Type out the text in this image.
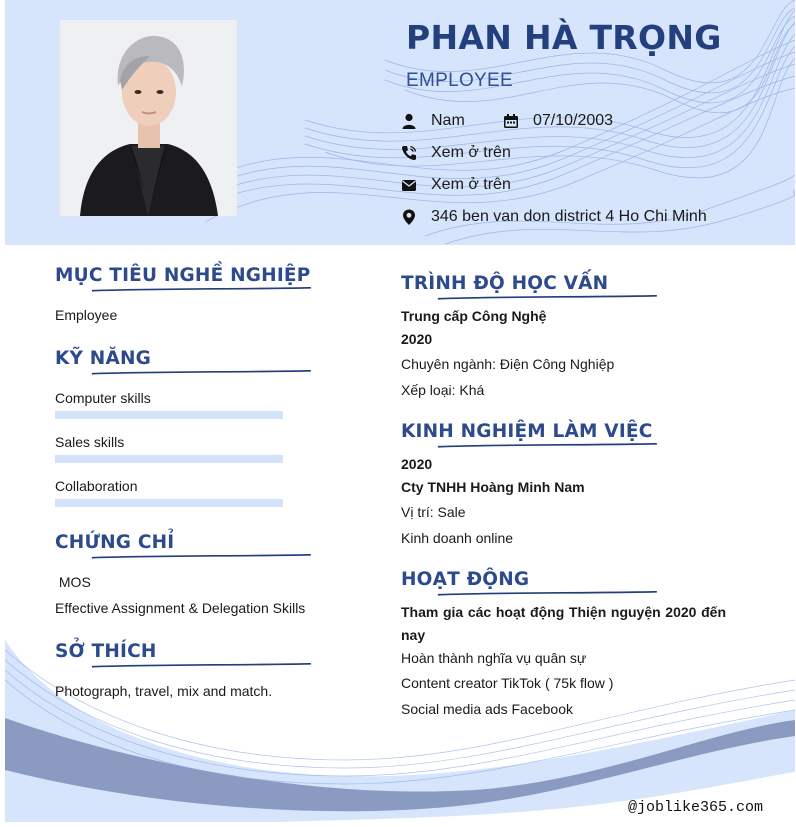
PHAN HÀ TRỌNG
EMPLOYEE
Nam	07/10/2003
Xem ở trên
Xem ở trên
346 ben van don district 4 Ho Chi Minh
MỤC TIÊU NGHỀ NGHIỆP
Employee
KỸ NĂNG
Computer skills
Sales skills
Collaboration
CHỨNG CHỈ
MOS
Effective Assignment & Delegation Skills
SỞ THÍCH
Photograph, travel, mix and match.
TRÌNH ĐỘ HỌC VẤN
Trung cấp Công Nghệ
2020
Chuyên ngành: Điện Công Nghiệp
Xếp loại: Khá
KINH NGHIỆM LÀM VIỆC
2020
Cty TNHH Hoàng Minh Nam
Vị trí: Sale
Kinh doanh online
HOẠT ĐỘNG
Tham gia các hoạt động Thiện nguyện 2020 đến
nay
Hoàn thành nghĩa vụ quân sự
Content creator TikTok ( 75k flow )
Social media ads Facebook
@joblike365.com
